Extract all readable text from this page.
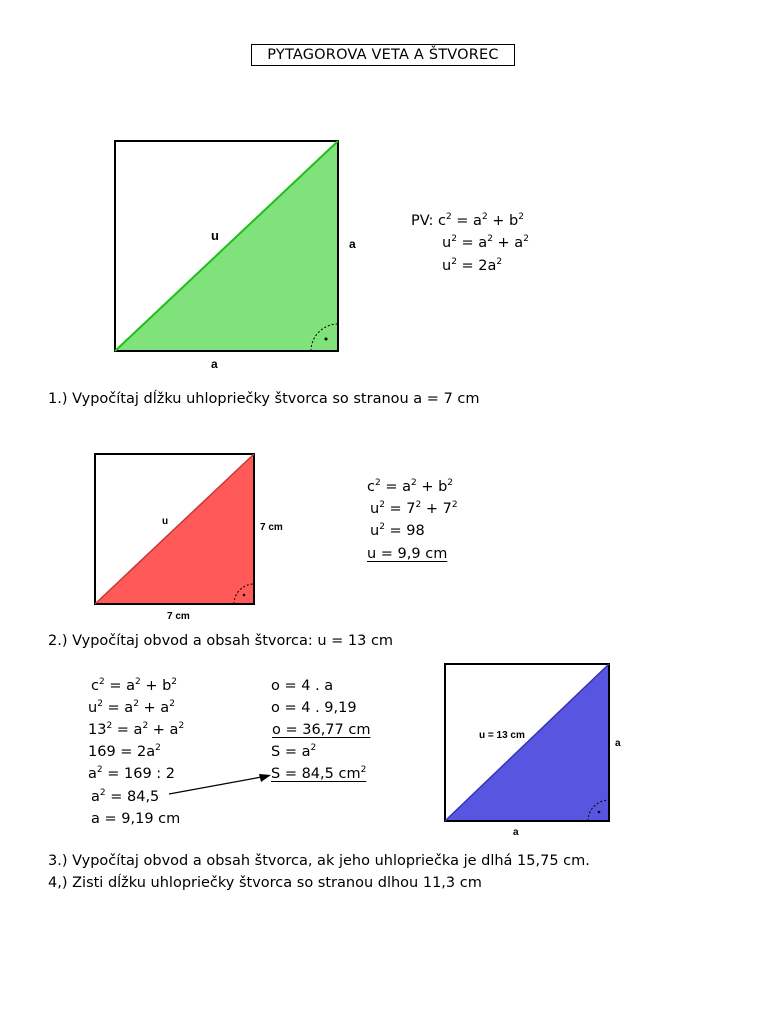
PYTAGOROVA VETA A ŠTVOREC
u
a
a
PV: $c^2 = a^2 + b^2$
$u^2 = a^2 + a^2$
$u^2 = 2a^2$
1.) Vypočítaj dĺžku uhlopriečky štvorca so stranou a = 7 cm
u
7 cm
7 cm
$c^2 = a^2 + b^2$
$u^2 = 7^2 + 7^2$
$u^2 = 98$
u = 9,9 cm
2.) Vypočítaj obvod a obsah štvorca: u = 13 cm
$c^2 = a^2 + b^2$
$u^2 = a^2 + a^2$
$13^2 = a^2 + a^2$
$169 = 2a^2$
$a^2 = 169$ : 2
$a^2 = 84,5$
a = 9,19 cm
o = 4 . a
o = 4 . 9,19
o = 36,77 cm
$S = a^2$
S = 84,5 $cm^2$
u = 13 cm
a
a
3.) Vypočítaj obvod a obsah štvorca, ak jeho uhlopriečka je dlhá 15,75 cm.
4,) Zisti dĺžku uhlopriečky štvorca so stranou dlhou 11,3 cm
